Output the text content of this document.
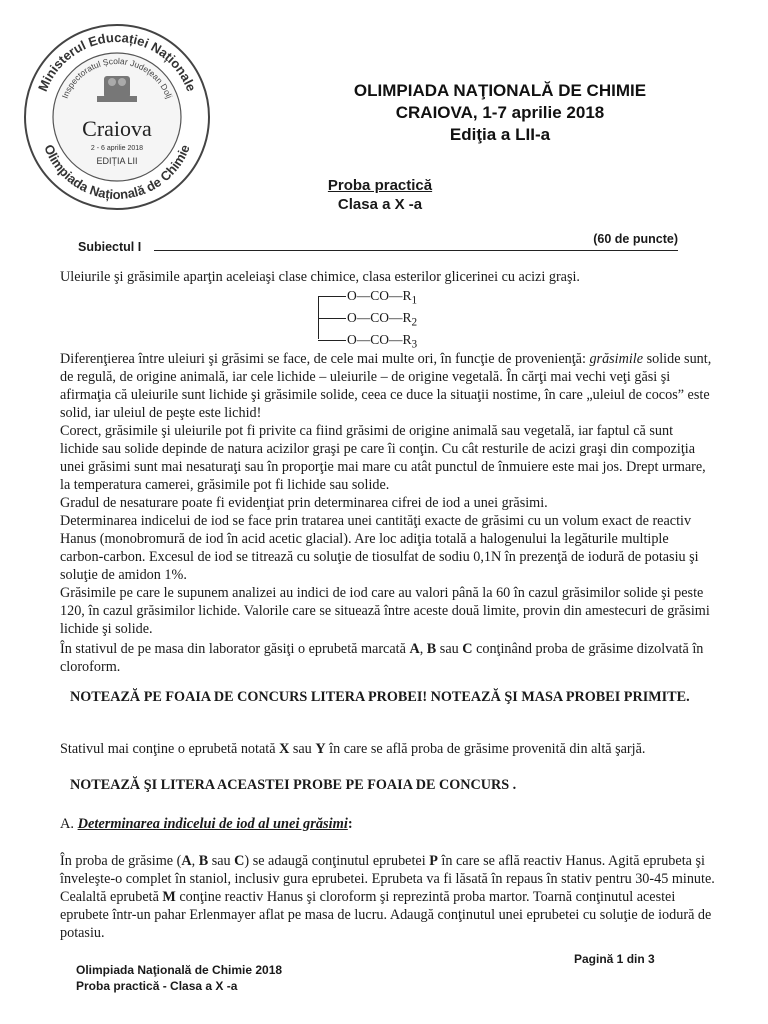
Ministerul Educației Naționale
Inspectoratul Școlar Județean Dolj
Olimpiada Națională de Chimie
Craiova
2 - 6 aprilie 2018
EDIȚIA LII
OLIMPIADA NAŢIONALĂ DE CHIMIE
CRAIOVA, 1-7 aprilie 2018
Ediţia a LII-a
Proba practică
Clasa a X -a
Subiectul I
(60 de puncte)
Uleiurile şi grăsimile aparţin aceleiaşi clase chimice, clasa esterilor glicerinei cu acizi graşi.
$O—CO—R_1$
$O—CO—R_2$
$O—CO—R_3$

Diferenţierea între uleiuri şi grăsimi se face, de cele mai multe ori, în funcţie de provenienţă: grăsimile solide sunt, de regulă, de origine animală, iar cele lichide – uleiurile – de origine vegetală. În cărţi mai vechi veţi găsi şi afirmaţia că uleiurile sunt lichide şi grăsimile solide, ceea ce duce la situaţii nostime, în care „uleiul de cocos” este solid, iar uleiul de peşte este lichid!

Corect, grăsimile şi uleiurile pot fi privite ca fiind grăsimi de origine animală sau vegetală, iar faptul că sunt lichide sau solide depinde de natura acizilor graşi pe care îi conţin. Cu cât resturile de acizi graşi din compoziţia unei grăsimi sunt mai nesaturaţi sau în proporţie mai mare cu atât punctul de înmuiere este mai jos. Drept urmare, la temperatura camerei, grăsimile pot fi lichide sau solide.

Gradul de nesaturare poate fi evidenţiat prin determinarea cifrei de iod a unei grăsimi.

Determinarea indicelui de iod se face prin tratarea unei cantităţi exacte de grăsimi cu un volum exact de reactiv Hanus (monobromură de iod în acid acetic glacial). Are loc adiţia totală a halogenului la legăturile multiple carbon-carbon. Excesul de iod se titrează cu soluţie de tiosulfat de sodiu 0,1N în prezenţă de iodură de potasiu şi soluţie de amidon 1%.

Grăsimile pe care le supunem analizei au indici de iod care au valori până la 60 în cazul grăsimilor solide şi peste 120, în cazul grăsimilor lichide. Valorile care se situează între aceste două limite, provin din amestecuri de grăsimi lichide şi solide.

În stativul de pe masa din laborator găsiţi o eprubetă marcată A, B sau C conţinând proba de grăsime dizolvată în cloroform.
NOTEAZĂ PE FOAIA DE CONCURS LITERA PROBEI! NOTEAZĂ ŞI MASA PROBEI PRIMITE.
Stativul mai conţine o eprubetă notată X sau Y în care se află proba de grăsime provenită din altă şarjă.
NOTEAZĂ ŞI LITERA ACEASTEI PROBE PE FOAIA DE CONCURS .
A. Determinarea indicelui de iod al unei grăsimi:

În proba de grăsime (A, B sau C) se adaugă conţinutul eprubetei P în care se află reactiv Hanus. Agită eprubeta şi înveleşte-o complet în staniol, inclusiv gura eprubetei. Eprubeta va fi lăsată în repaus în stativ pentru 30-45 minute.

Cealaltă eprubetă M conţine reactiv Hanus şi cloroform şi reprezintă proba martor. Toarnă conţinutul acestei eprubete într-un pahar Erlenmayer aflat pe masa de lucru. Adaugă conţinutul unei eprubetei cu soluţie de iodură de potasiu.

Olimpiada Naţională de Chimie 2018
Proba practică - Clasa a X -a
Pagină 1 din 3
